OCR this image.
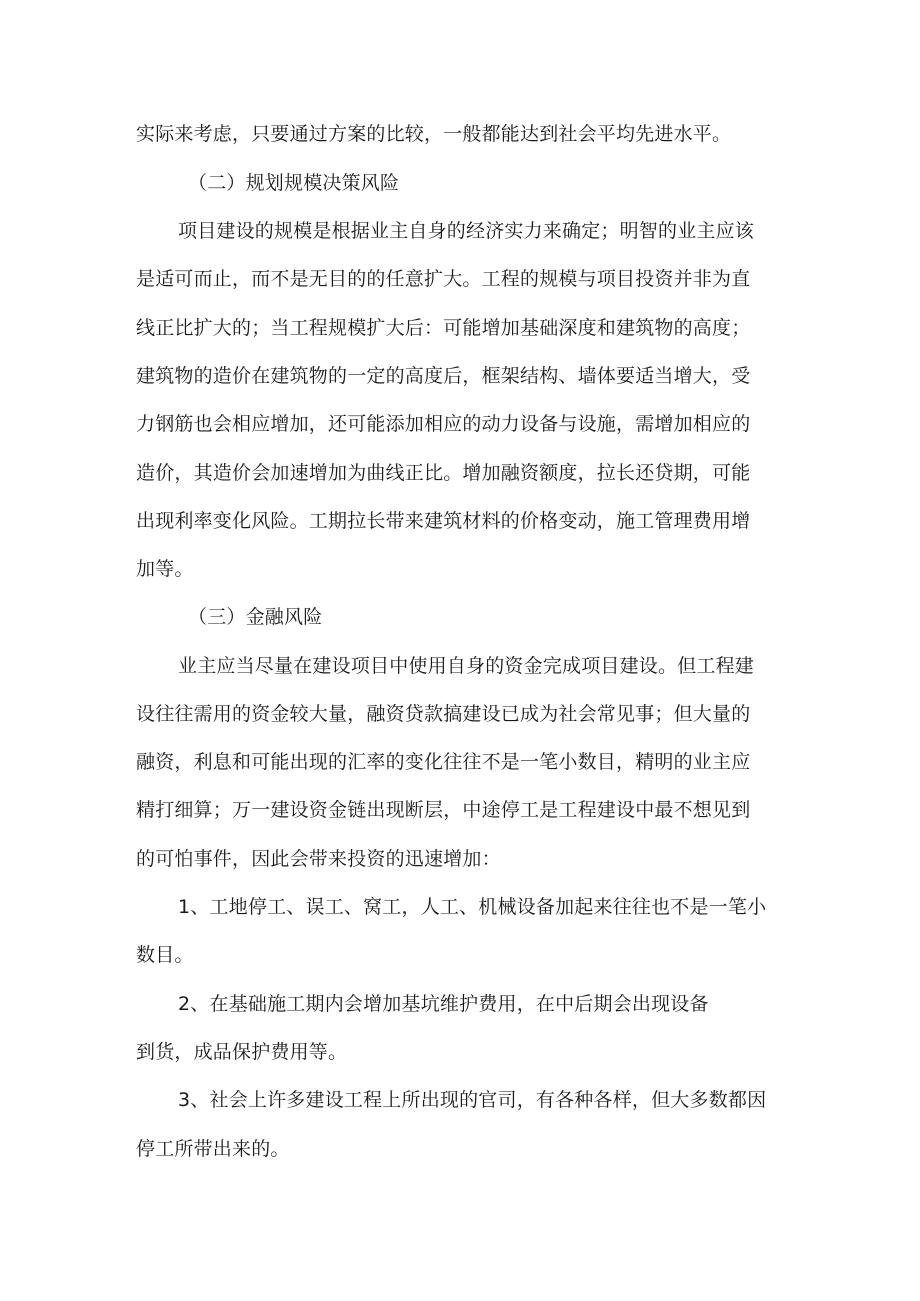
实际来考虑，只要通过方案的比较，一般都能达到社会平均先进水平。
（二）规划规模决策风险
项目建设的规模是根据业主自身的经济实力来确定；明智的业主应该
是适可而止，而不是无目的的任意扩大。工程的规模与项目投资并非为直
线正比扩大的；当工程规模扩大后：可能增加基础深度和建筑物的高度；
建筑物的造价在建筑物的一定的高度后，框架结构、墙体要适当增大，受
力钢筋也会相应增加，还可能添加相应的动力设备与设施，需增加相应的
造价，其造价会加速增加为曲线正比。增加融资额度，拉长还贷期，可能
出现利率变化风险。工期拉长带来建筑材料的价格变动，施工管理费用增
加等。
（三）金融风险
业主应当尽量在建设项目中使用自身的资金完成项目建设。但工程建
设往往需用的资金较大量，融资贷款搞建设已成为社会常见事；但大量的
融资，利息和可能出现的汇率的变化往往不是一笔小数目，精明的业主应
精打细算；万一建设资金链出现断层，中途停工是工程建设中最不想见到
的可怕事件，因此会带来投资的迅速增加：
1、工地停工、误工、窝工，人工、机械设备加起来往往也不是一笔小
数目。
2、在基础施工期内会增加基坑维护费用，在中后期会出现设备
到货，成品保护费用等。
3、社会上许多建设工程上所出现的官司，有各种各样，但大多数都因
停工所带出来的。
